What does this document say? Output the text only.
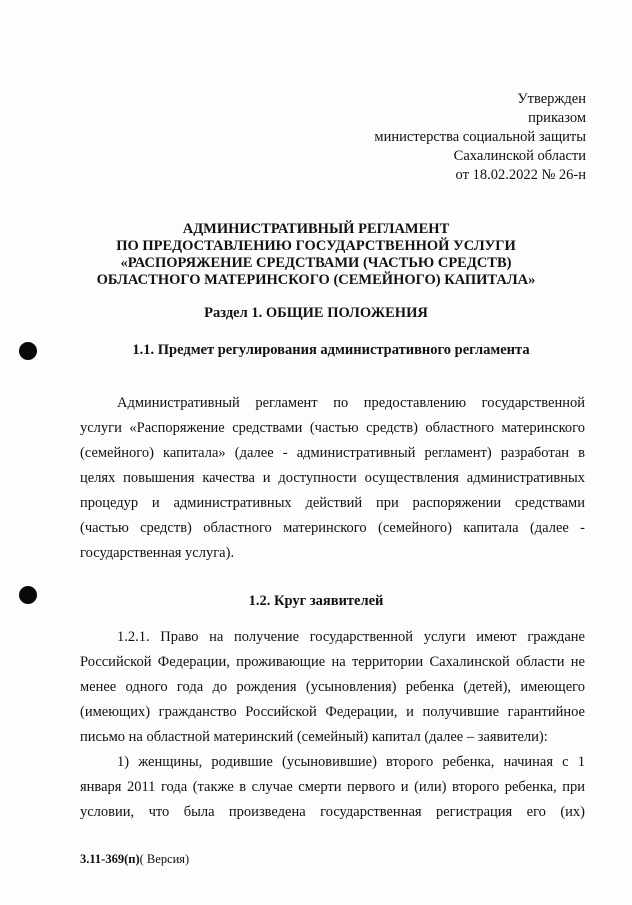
Утвержден
приказом
министерства социальной защиты
Сахалинской области
от 18.02.2022 № 26-н
АДМИНИСТРАТИВНЫЙ РЕГЛАМЕНТ
ПО ПРЕДОСТАВЛЕНИЮ ГОСУДАРСТВЕННОЙ УСЛУГИ
«РАСПОРЯЖЕНИЕ СРЕДСТВАМИ (ЧАСТЬЮ СРЕДСТВ)
ОБЛАСТНОГО МАТЕРИНСКОГО (СЕМЕЙНОГО) КАПИТАЛА»
Раздел 1. ОБЩИЕ ПОЛОЖЕНИЯ
1.1. Предмет регулирования административного регламента
Административный регламент по предоставлению государственной
услуги «Распоряжение средствами (частью средств) областного материнского
(семейного) капитала» (далее - административный регламент) разработан в
целях повышения качества и доступности осуществления административных
процедур и административных действий при распоряжении средствами
(частью средств) областного материнского (семейного) капитала (далее -
государственная услуга).
1.2. Круг заявителей
1.2.1. Право на получение государственной услуги имеют граждане
Российской Федерации, проживающие на территории Сахалинской области не
менее одного года до рождения (усыновления) ребенка (детей), имеющего
(имеющих) гражданство Российской Федерации, и получившие гарантийное
письмо на областной материнский (семейный) капитал (далее – заявители):
1) женщины, родившие (усыновившие) второго ребенка, начиная с 1
января 2011 года (также в случае смерти первого и (или) второго ребенка, при
условии, что была произведена государственная регистрация его (их)
3.11-369(п)( Версия)
